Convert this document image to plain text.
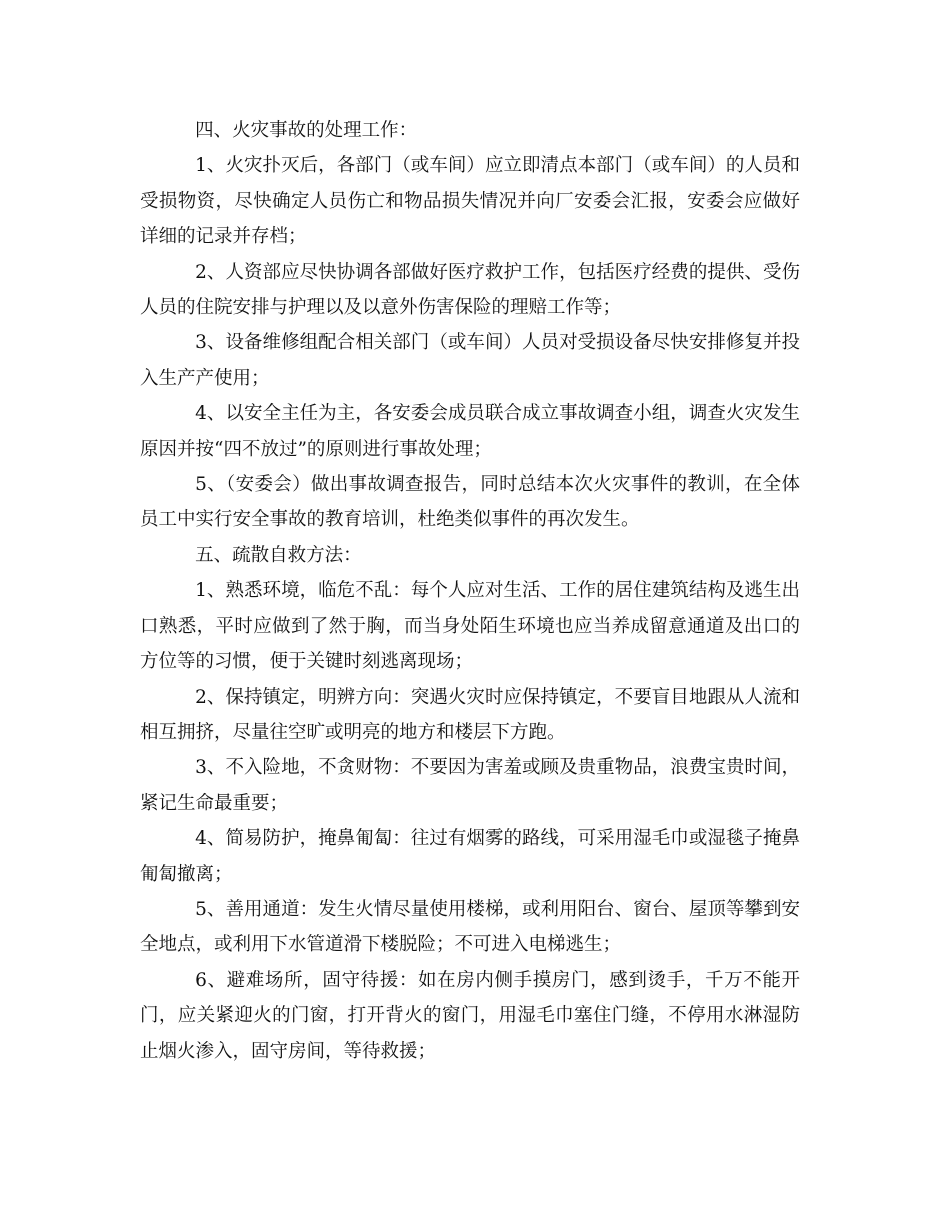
四、火灾事故的处理工作：

1、火灾扑灭后，各部门（或车间）应立即清点本部门（或车间）的人员和受损物资，尽快确定人员伤亡和物品损失情况并向厂安委会汇报，安委会应做好详细的记录并存档；

2、人资部应尽快协调各部做好医疗救护工作，包括医疗经费的提供、受伤人员的住院安排与护理以及以意外伤害保险的理赔工作等；

3、设备维修组配合相关部门（或车间）人员对受损设备尽快安排修复并投入生产产使用；

4、以安全主任为主，各安委会成员联合成立事故调查小组，调查火灾发生原因并按“四不放过”的原则进行事故处理；

5、（安委会）做出事故调查报告，同时总结本次火灾事件的教训，在全体员工中实行安全事故的教育培训，杜绝类似事件的再次发生。

五、疏散自救方法：

1、熟悉环境，临危不乱：每个人应对生活、工作的居住建筑结构及逃生出口熟悉，平时应做到了然于胸，而当身处陌生环境也应当养成留意通道及出口的方位等的习惯，便于关键时刻逃离现场；

2、保持镇定，明辨方向：突遇火灾时应保持镇定，不要盲目地跟从人流和相互拥挤，尽量往空旷或明亮的地方和楼层下方跑。

3、不入险地，不贪财物：不要因为害羞或顾及贵重物品，浪费宝贵时间，紧记生命最重要；

4、简易防护，掩鼻匍匐：往过有烟雾的路线，可采用湿毛巾或湿毯子掩鼻匍匐撤离；

5、善用通道：发生火情尽量使用楼梯，或利用阳台、窗台、屋顶等攀到安全地点，或利用下水管道滑下楼脱险；不可进入电梯逃生；

6、避难场所，固守待援：如在房内侧手摸房门，感到烫手，千万不能开门，应关紧迎火的门窗，打开背火的窗门，用湿毛巾塞住门缝，不停用水淋湿防止烟火渗入，固守房间，等待救援；
